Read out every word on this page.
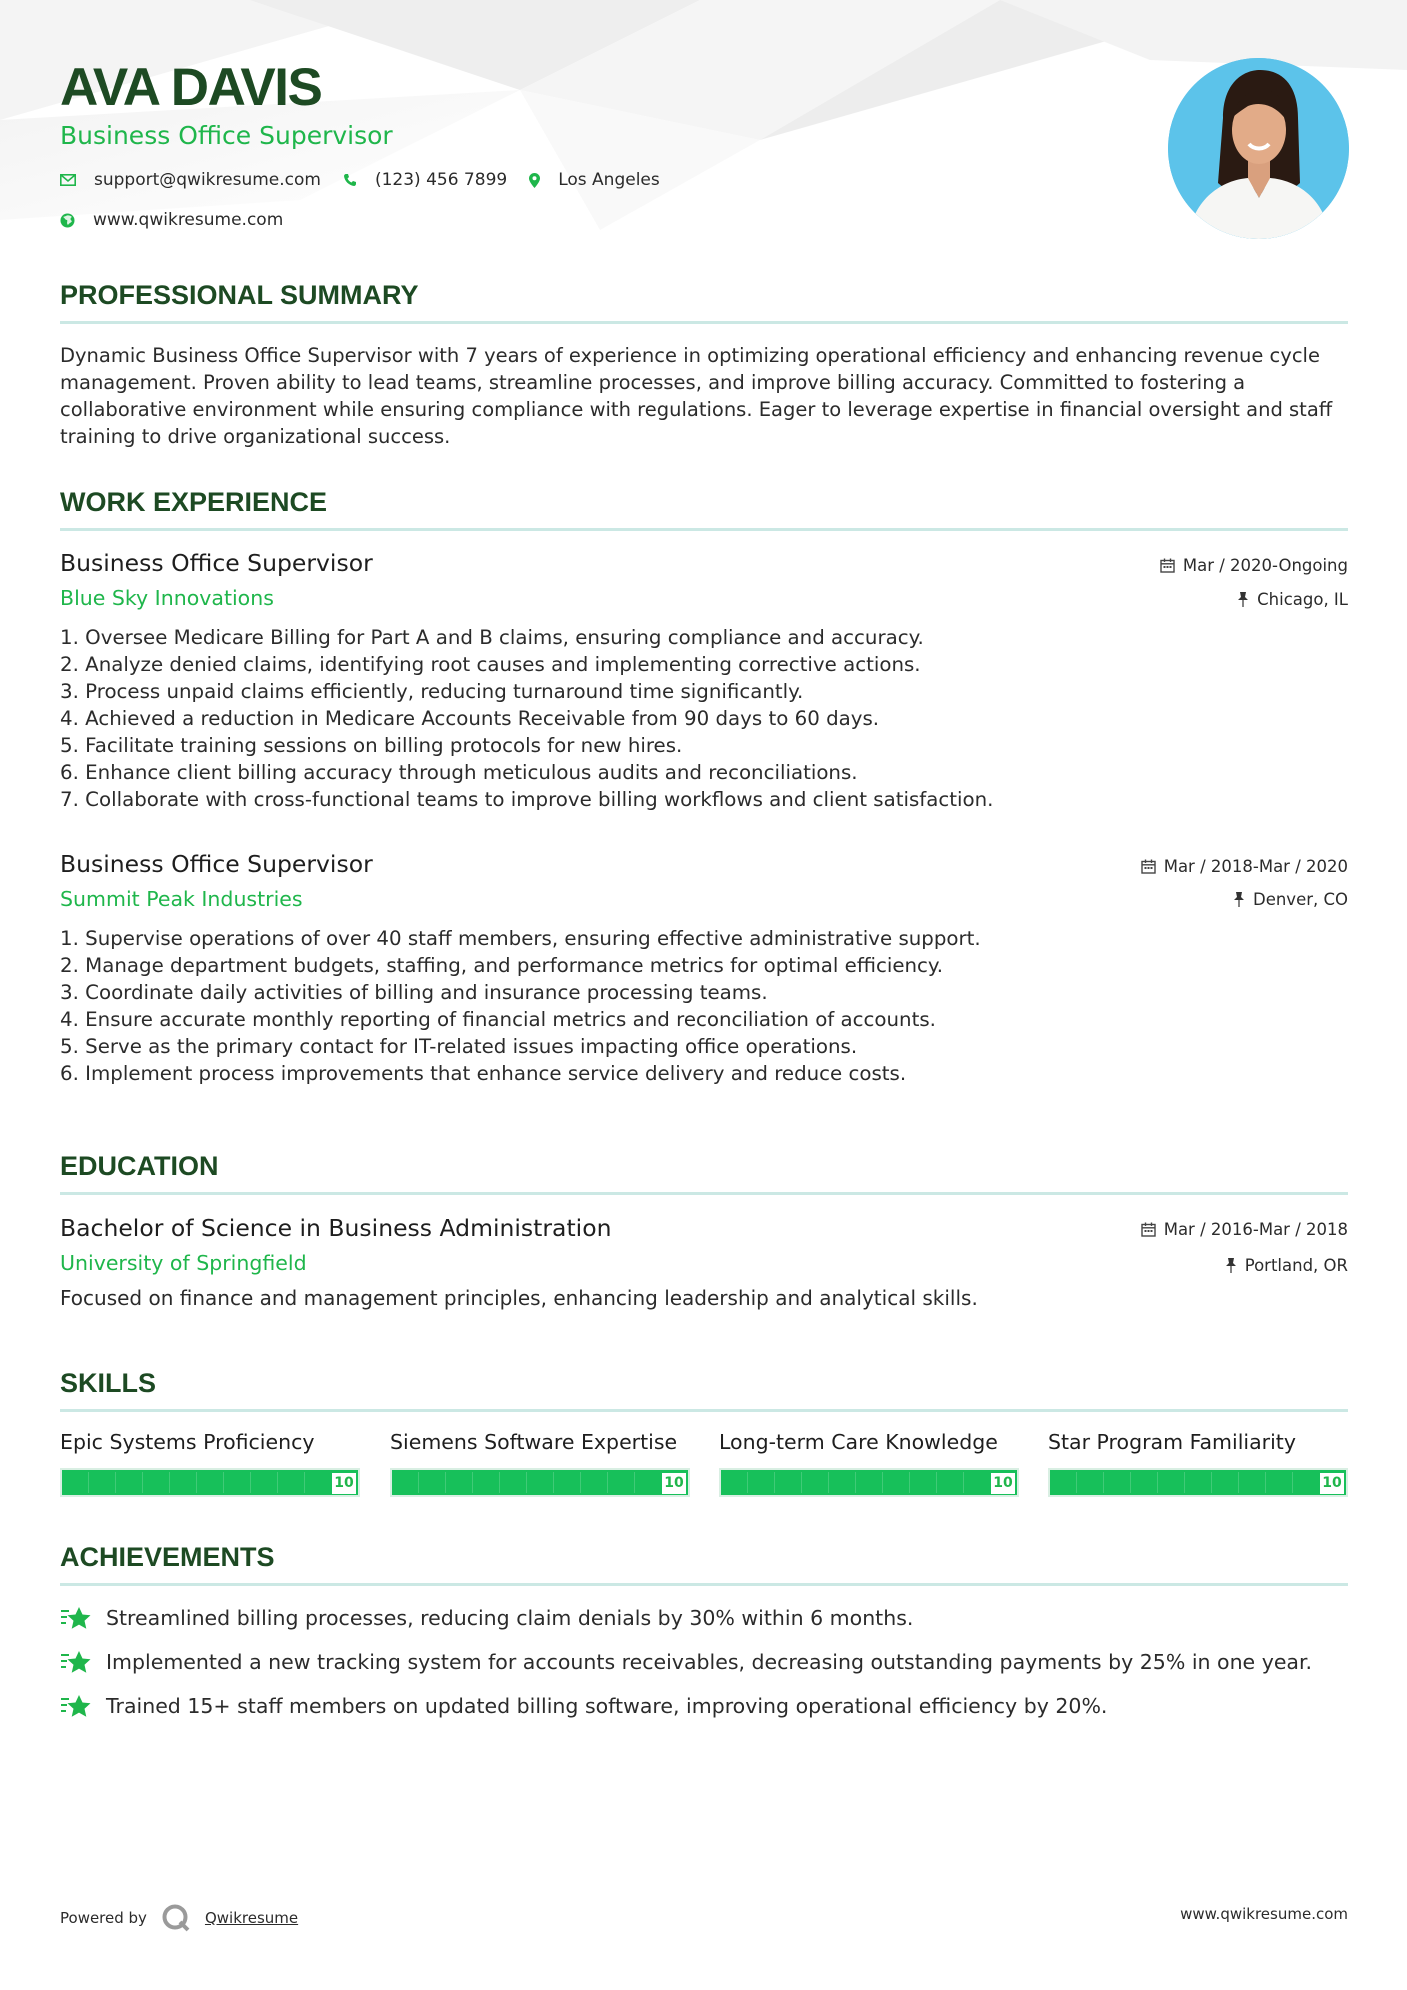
AVA DAVIS
Business Office Supervisor
support@qwikresume.com	(123) 456 7899	Los Angeles
www.qwikresume.com
PROFESSIONAL SUMMARY
Dynamic Business Office Supervisor with 7 years of experience in optimizing operational efficiency and enhancing revenue cycle management. Proven ability to lead teams, streamline processes, and improve billing accuracy. Committed to fostering a collaborative environment while ensuring compliance with regulations. Eager to leverage expertise in financial oversight and staff training to drive organizational success.
WORK EXPERIENCE
Business Office Supervisor
Blue Sky Innovations
Mar / 2020-Ongoing
Chicago, IL
1. Oversee Medicare Billing for Part A and B claims, ensuring compliance and accuracy.
2. Analyze denied claims, identifying root causes and implementing corrective actions.
3. Process unpaid claims efficiently, reducing turnaround time significantly.
4. Achieved a reduction in Medicare Accounts Receivable from 90 days to 60 days.
5. Facilitate training sessions on billing protocols for new hires.
6. Enhance client billing accuracy through meticulous audits and reconciliations.
7. Collaborate with cross-functional teams to improve billing workflows and client satisfaction.
Business Office Supervisor
Summit Peak Industries
Mar / 2018-Mar / 2020
Denver, CO
1. Supervise operations of over 40 staff members, ensuring effective administrative support.
2. Manage department budgets, staffing, and performance metrics for optimal efficiency.
3. Coordinate daily activities of billing and insurance processing teams.
4. Ensure accurate monthly reporting of financial metrics and reconciliation of accounts.
5. Serve as the primary contact for IT-related issues impacting office operations.
6. Implement process improvements that enhance service delivery and reduce costs.
EDUCATION
Bachelor of Science in Business Administration
University of Springfield
Mar / 2016-Mar / 2018
Portland, OR
Focused on finance and management principles, enhancing leadership and analytical skills.
SKILLS
Epic Systems Proficiency
10
Siemens Software Expertise
10
Long-term Care Knowledge
10
Star Program Familiarity
10
ACHIEVEMENTS
Streamlined billing processes, reducing claim denials by 30% within 6 months.
Implemented a new tracking system for accounts receivables, decreasing outstanding payments by 25% in one year.
Trained 15+ staff members on updated billing software, improving operational efficiency by 20%.
Powered by	Qwikresume	www.qwikresume.com
